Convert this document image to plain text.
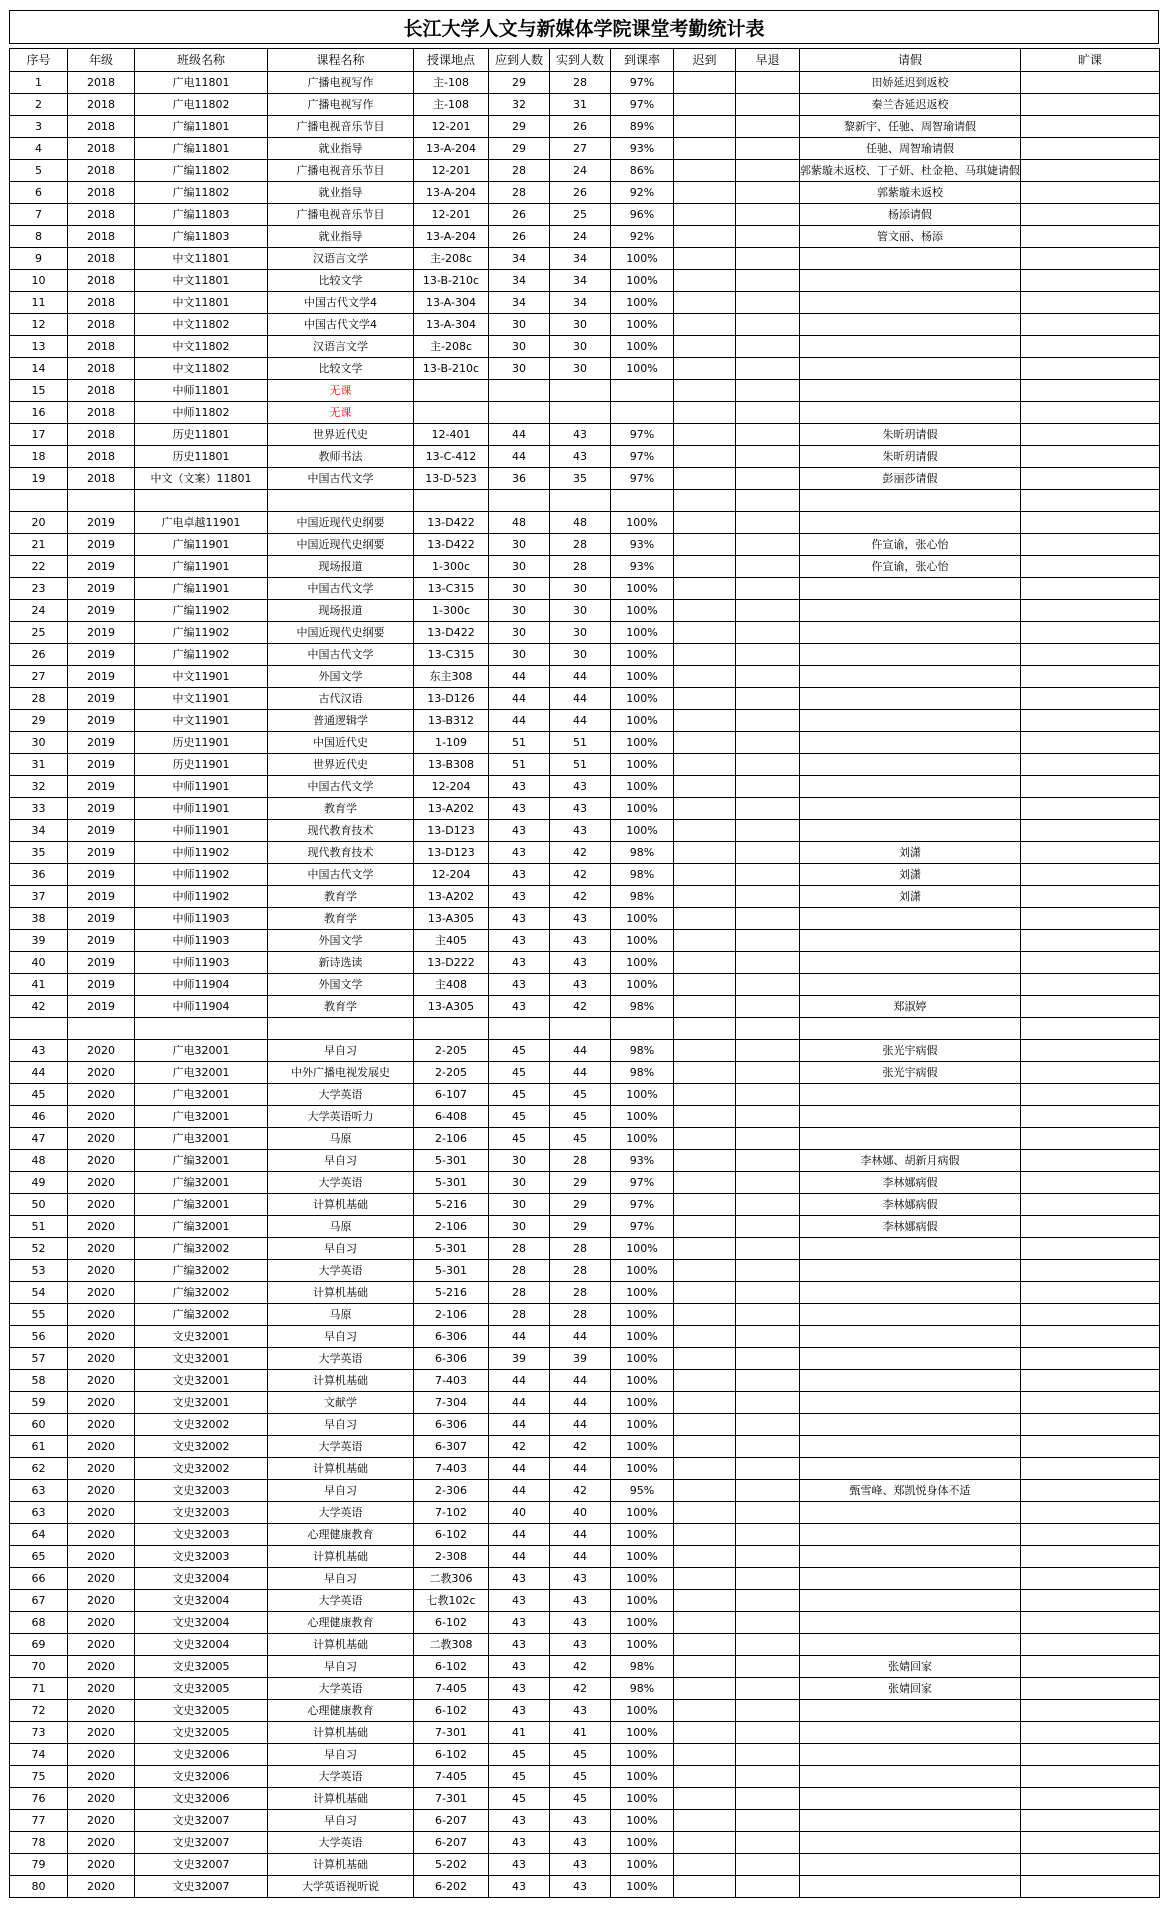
长江大学人文与新媒体学院课堂考勤统计表
序号	年级	班级名称	课程名称	授课地点	应到人数	实到人数	到课率	迟到	早退	请假	旷课
1	2018	广电11801	广播电视写作	主-108	29	28	97%			田娇延迟到返校	
2	2018	广电11802	广播电视写作	主-108	32	31	97%			秦兰杏延迟返校	
3	2018	广编11801	广播电视音乐节目	12-201	29	26	89%			黎新宇、任驰、周智瑜请假	
4	2018	广编11801	就业指导	13-A-204	29	27	93%			任驰、周智瑜请假	
5	2018	广编11802	广播电视音乐节目	12-201	28	24	86%			郭紫璇未返校、丁子妍、杜金艳、马琪婕请假	
6	2018	广编11802	就业指导	13-A-204	28	26	92%			郭紫璇未返校	
7	2018	广编11803	广播电视音乐节目	12-201	26	25	96%			杨添请假	
8	2018	广编11803	就业指导	13-A-204	26	24	92%			管文丽、杨添	
9	2018	中文11801	汉语言文学	主-208c	34	34	100%				
10	2018	中文11801	比较文学	13-B-210c	34	34	100%				
11	2018	中文11801	中国古代文学4	13-A-304	34	34	100%				
12	2018	中文11802	中国古代文学4	13-A-304	30	30	100%				
13	2018	中文11802	汉语言文学	主-208c	30	30	100%				
14	2018	中文11802	比较文学	13-B-210c	30	30	100%				
15	2018	中师11801	无课								
16	2018	中师11802	无课								
17	2018	历史11801	世界近代史	12-401	44	43	97%			朱昕玥请假	
18	2018	历史11801	教师书法	13-C-412	44	43	97%			朱昕玥请假	
19	2018	中文（文案）11801	中国古代文学	13-D-523	36	35	97%			彭丽莎请假	

20	2019	广电卓越11901	中国近现代史纲要	13-D422	48	48	100%				
21	2019	广编11901	中国近现代史纲要	13-D422	30	28	93%			仵宣谕，张心怡	
22	2019	广编11901	现场报道	1-300c	30	28	93%			仵宣谕，张心怡	
23	2019	广编11901	中国古代文学	13-C315	30	30	100%				
24	2019	广编11902	现场报道	1-300c	30	30	100%				
25	2019	广编11902	中国近现代史纲要	13-D422	30	30	100%				
26	2019	广编11902	中国古代文学	13-C315	30	30	100%				
27	2019	中文11901	外国文学	东主308	44	44	100%				
28	2019	中文11901	古代汉语	13-D126	44	44	100%				
29	2019	中文11901	普通逻辑学	13-B312	44	44	100%				
30	2019	历史11901	中国近代史	1-109	51	51	100%				
31	2019	历史11901	世界近代史	13-B308	51	51	100%				
32	2019	中师11901	中国古代文学	12-204	43	43	100%				
33	2019	中师11901	教育学	13-A202	43	43	100%				
34	2019	中师11901	现代教育技术	13-D123	43	43	100%				
35	2019	中师11902	现代教育技术	13-D123	43	42	98%			刘潇	
36	2019	中师11902	中国古代文学	12-204	43	42	98%			刘潇	
37	2019	中师11902	教育学	13-A202	43	42	98%			刘潇	
38	2019	中师11903	教育学	13-A305	43	43	100%				
39	2019	中师11903	外国文学	主405	43	43	100%				
40	2019	中师11903	新诗选读	13-D222	43	43	100%				
41	2019	中师11904	外国文学	主408	43	43	100%				
42	2019	中师11904	教育学	13-A305	43	42	98%			郑淑婷	

43	2020	广电32001	早自习	2-205	45	44	98%			张光宇病假	
44	2020	广电32001	中外广播电视发展史	2-205	45	44	98%			张光宇病假	
45	2020	广电32001	大学英语	6-107	45	45	100%				
46	2020	广电32001	大学英语听力	6-408	45	45	100%				
47	2020	广电32001	马原	2-106	45	45	100%				
48	2020	广编32001	早自习	5-301	30	28	93%			李林娜、胡新月病假	
49	2020	广编32001	大学英语	5-301	30	29	97%			李林娜病假	
50	2020	广编32001	计算机基础	5-216	30	29	97%			李林娜病假	
51	2020	广编32001	马原	2-106	30	29	97%			李林娜病假	
52	2020	广编32002	早自习	5-301	28	28	100%				
53	2020	广编32002	大学英语	5-301	28	28	100%				
54	2020	广编32002	计算机基础	5-216	28	28	100%				
55	2020	广编32002	马原	2-106	28	28	100%				
56	2020	文史32001	早自习	6-306	44	44	100%				
57	2020	文史32001	大学英语	6-306	39	39	100%				
58	2020	文史32001	计算机基础	7-403	44	44	100%				
59	2020	文史32001	文献学	7-304	44	44	100%				
60	2020	文史32002	早自习	6-306	44	44	100%				
61	2020	文史32002	大学英语	6-307	42	42	100%				
62	2020	文史32002	计算机基础	7-403	44	44	100%				
63	2020	文史32003	早自习	2-306	44	42	95%			甄雪峰、郑凯悦身体不适	
63	2020	文史32003	大学英语	7-102	40	40	100%				
64	2020	文史32003	心理健康教育	6-102	44	44	100%				
65	2020	文史32003	计算机基础	2-308	44	44	100%				
66	2020	文史32004	早自习	二教306	43	43	100%				
67	2020	文史32004	大学英语	七教102c	43	43	100%				
68	2020	文史32004	心理健康教育	6-102	43	43	100%				
69	2020	文史32004	计算机基础	二教308	43	43	100%				
70	2020	文史32005	早自习	6-102	43	42	98%			张婧回家	
71	2020	文史32005	大学英语	7-405	43	42	98%			张婧回家	
72	2020	文史32005	心理健康教育	6-102	43	43	100%				
73	2020	文史32005	计算机基础	7-301	41	41	100%				
74	2020	文史32006	早自习	6-102	45	45	100%				
75	2020	文史32006	大学英语	7-405	45	45	100%				
76	2020	文史32006	计算机基础	7-301	45	45	100%				
77	2020	文史32007	早自习	6-207	43	43	100%				
78	2020	文史32007	大学英语	6-207	43	43	100%				
79	2020	文史32007	计算机基础	5-202	43	43	100%				
80	2020	文史32007	大学英语视听说	6-202	43	43	100%				
